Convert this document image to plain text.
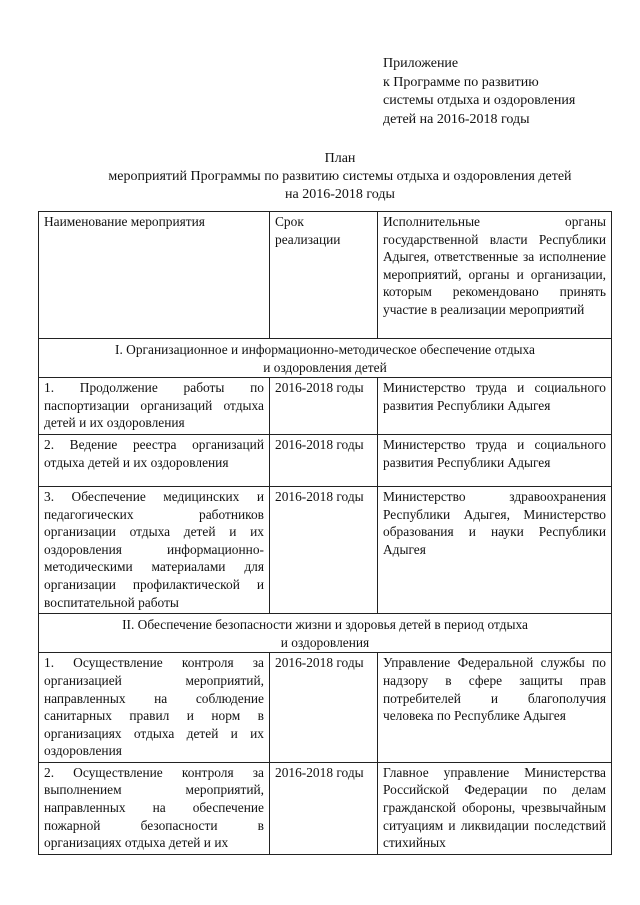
Приложение
к Программе по развитию
системы отдыха и оздоровления
детей на 2016-2018 годы
План
мероприятий Программы по развитию системы отдыха и оздоровления детей
на 2016-2018 годы
Наименование мероприятия	Срок реализации	Исполнительные органы государственной власти Республики Адыгея, ответственные за исполнение мероприятий, органы и организации, которым рекомендовано принять участие в реализации мероприятий

I. Организационное и информационно-методическое обеспечение отдыха
и оздоровления детей		

1. Продолжение работы по паспортизации организаций отдыха детей и их оздоровления	2016-2018 годы	Министерство труда и социального развития Республики Адыгея
2. Ведение реестра организаций отдыха детей и их оздоровления	2016-2018 годы	Министерство труда и социального развития Республики Адыгея
3. Обеспечение медицинских и педагогических работников организации отдыха детей и их оздоровления информационно-методическими материалами для организации профилактической и воспитательной работы	2016-2018 годы	Министерство здравоохранения Республики Адыгея, Министерство образования и науки Республики Адыгея

II. Обеспечение безопасности жизни и здоровья детей в период отдыха
и оздоровления		

1. Осуществление контроля за организацией мероприятий, направленных на соблюдение санитарных правил и норм в организациях отдыха детей и их оздоровления	2016-2018 годы	Управление Федеральной службы по надзору в сфере защиты прав потребителей и благополучия человека по Республике Адыгея
2. Осуществление контроля за выполнением мероприятий, направленных на обеспечение пожарной безопасности в организациях отдыха детей и их	2016-2018 годы	Главное управление Министерства Российской Федерации по делам гражданской обороны, чрезвычайным ситуациям и ликвидации последствий стихийных
